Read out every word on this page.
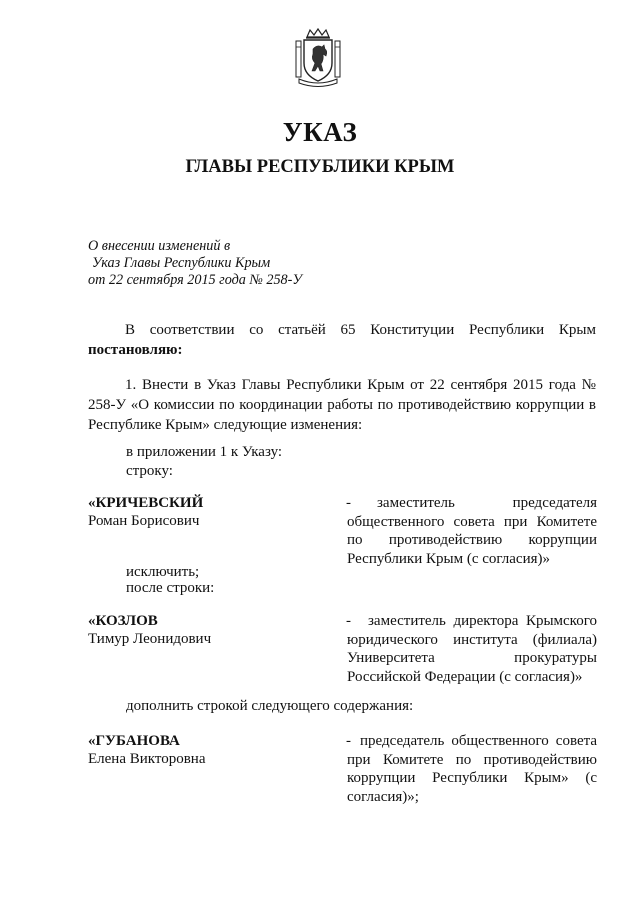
УКАЗ
ГЛАВЫ РЕСПУБЛИКИ КРЫМ
О внесении изменений в
Указ Главы Республики Крым
от 22 сентября 2015 года № 258-У
В соответствии со статьёй 65 Конституции Республики Крым постановляю:
1. Внести в Указ Главы Республики Крым от 22 сентября 2015 года № 258-У «О комиссии по координации работы по противодействию коррупции в Республике Крым» следующие изменения:
в приложении 1 к Указу:
строку:
«КРИЧЕВСКИЙ
Роман Борисович
-	заместитель председателя общественного совета при Комитете по противодействию коррупции Республики Крым (с согласия)»
исключить;
после строки:
«КОЗЛОВ
Тимур Леонидович
-	заместитель директора Крымского юридического института (филиала) Университета прокуратуры Российской Федерации (с согласия)»
дополнить строкой следующего содержания:
«ГУБАНОВА
Елена Викторовна
- председатель общественного совета при Комитете по противодействию коррупции Республики Крым» (с согласия)»;
